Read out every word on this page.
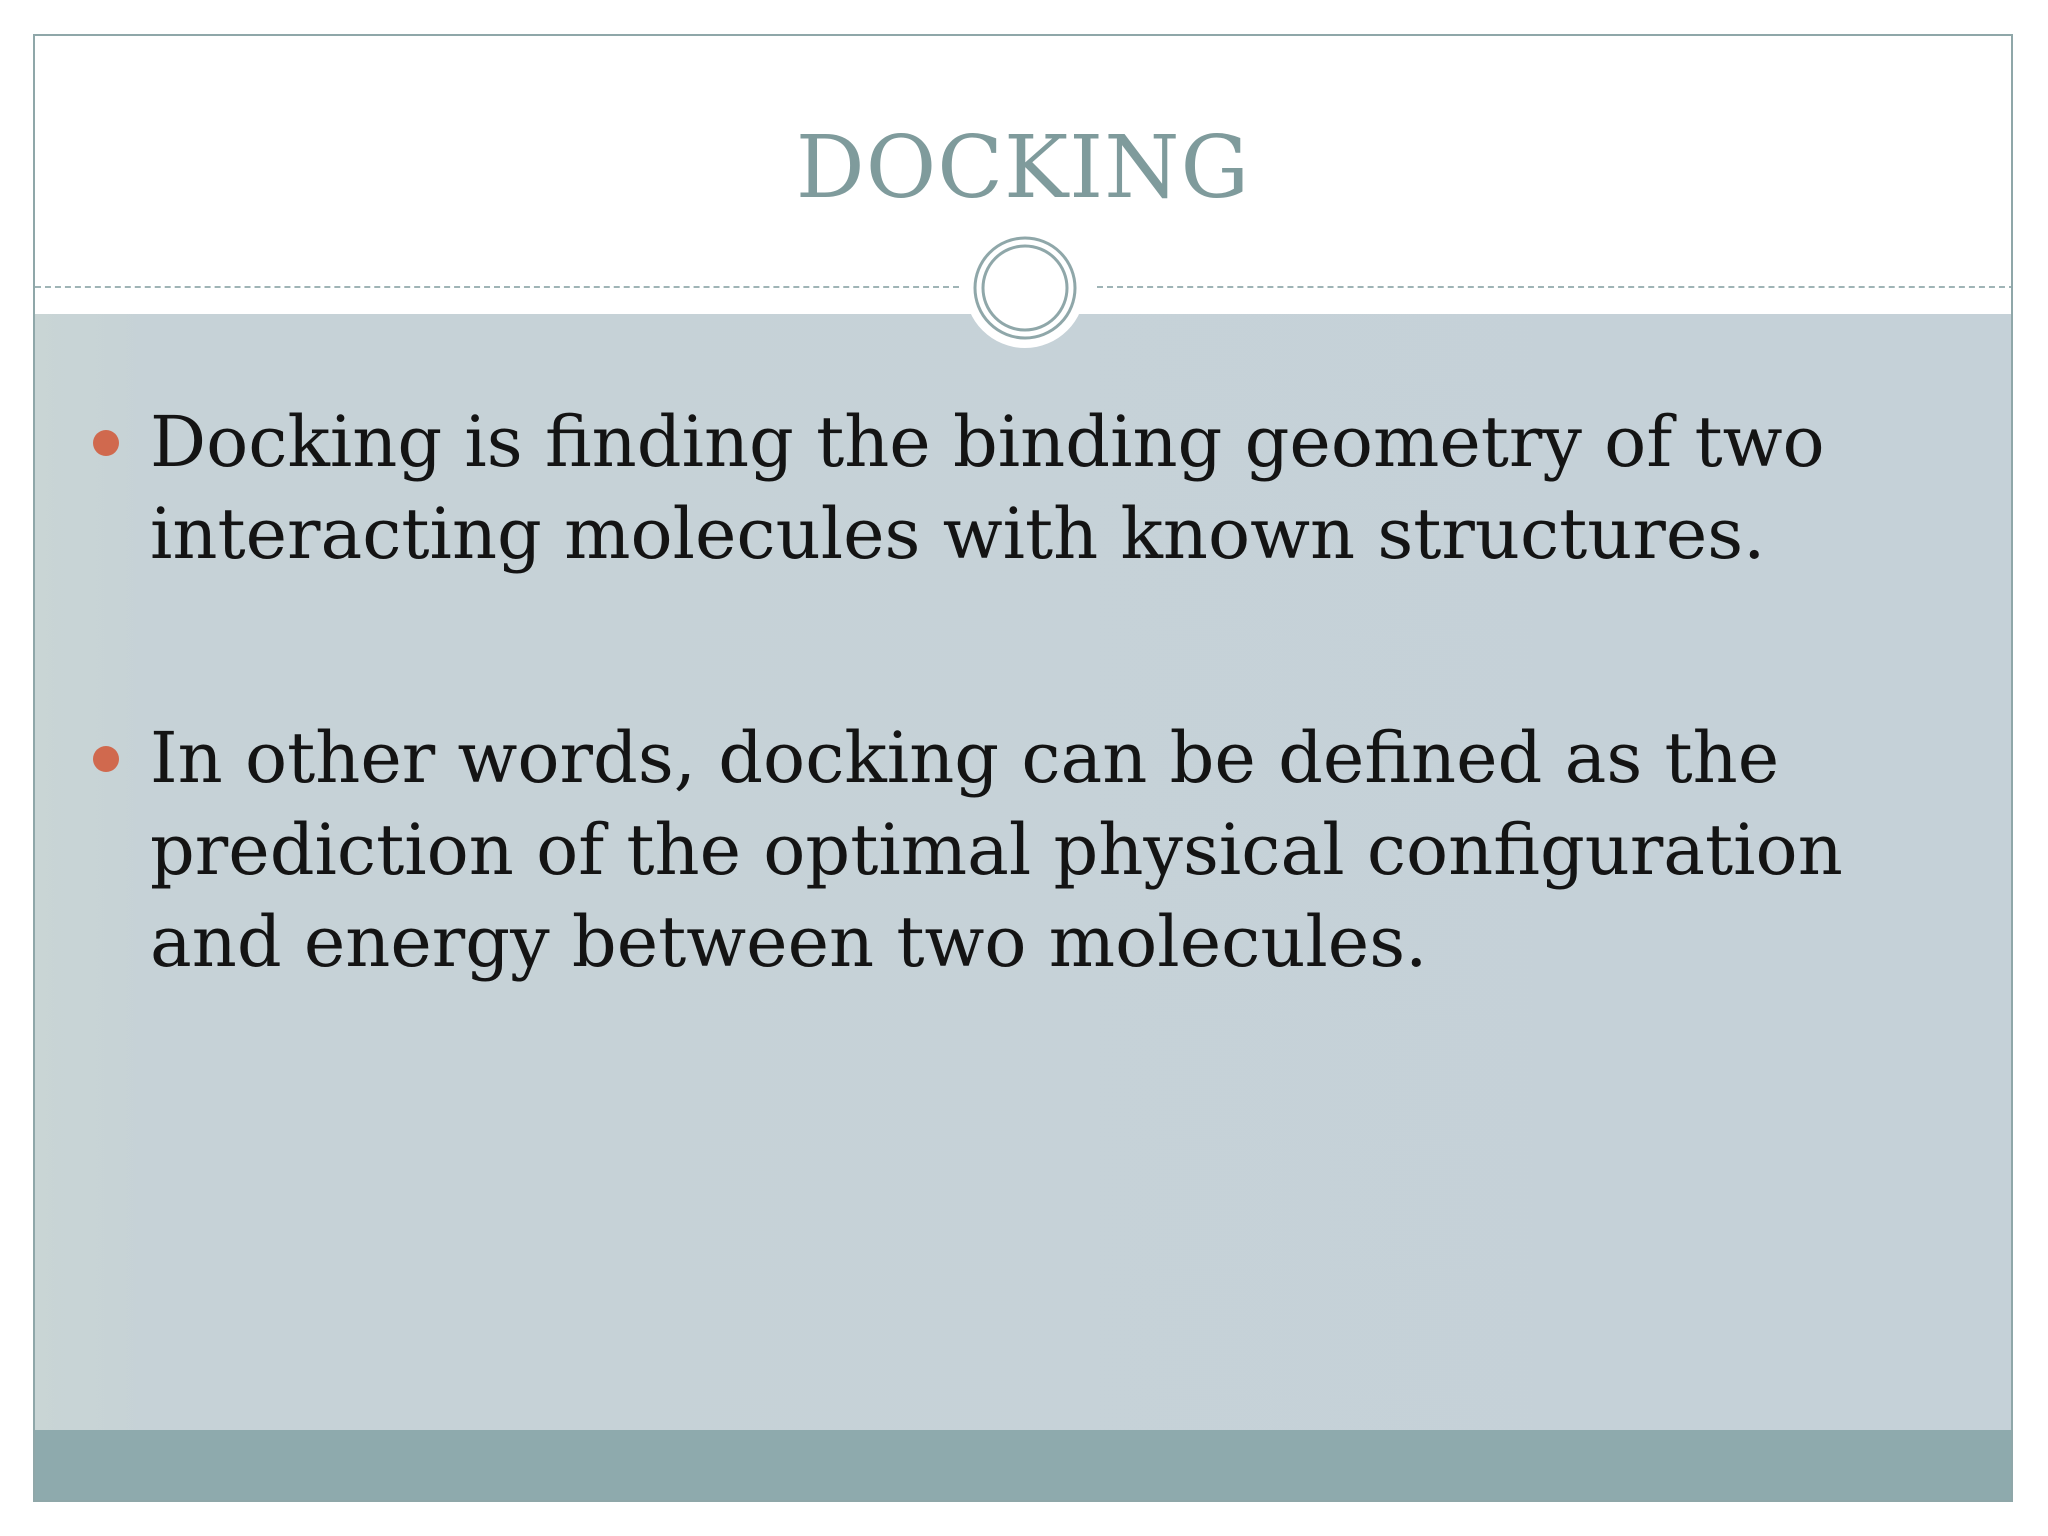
DOCKING
Docking is finding the binding geometry of two interacting molecules with known structures.
In other words, docking can be defined as the prediction of the optimal physical configuration and energy between two molecules.
